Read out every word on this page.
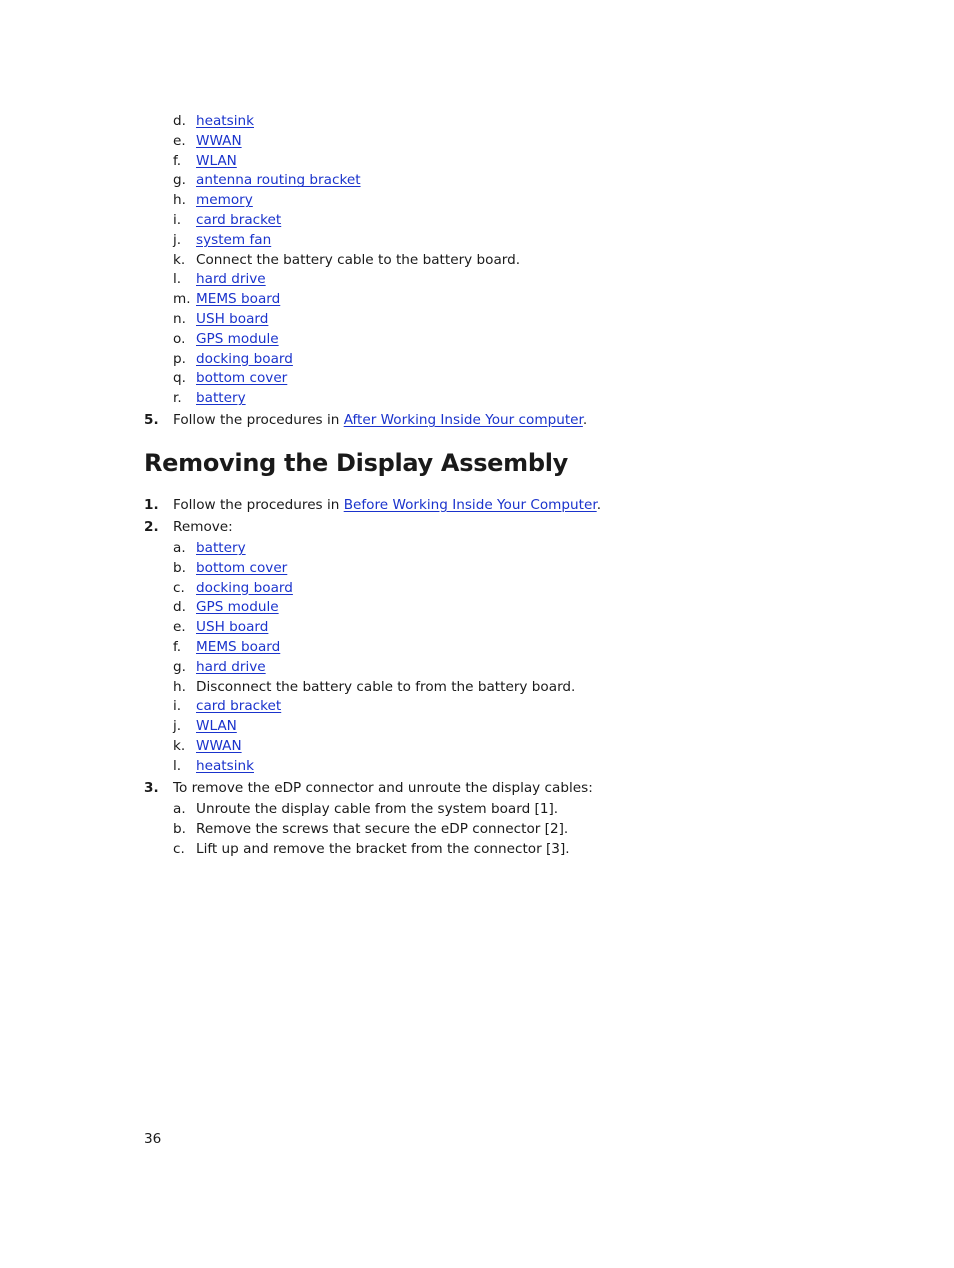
d. heatsink
e. WWAN
f. WLAN
g. antenna routing bracket
h. memory
i. card bracket
j. system fan
k. Connect the battery cable to the battery board.
l. hard drive
m. MEMS board
n. USH board
o. GPS module
p. docking board
q. bottom cover
r. battery
5. Follow the procedures in After Working Inside Your computer.
Removing the Display Assembly
1. Follow the procedures in Before Working Inside Your Computer.
2. Remove:
a. battery
b. bottom cover
c. docking board
d. GPS module
e. USH board
f. MEMS board
g. hard drive
h. Disconnect the battery cable to from the battery board.
i. card bracket
j. WLAN
k. WWAN
l. heatsink
3. To remove the eDP connector and unroute the display cables:
a. Unroute the display cable from the system board [1].
b. Remove the screws that secure the eDP connector [2].
c. Lift up and remove the bracket from the connector [3].
36
